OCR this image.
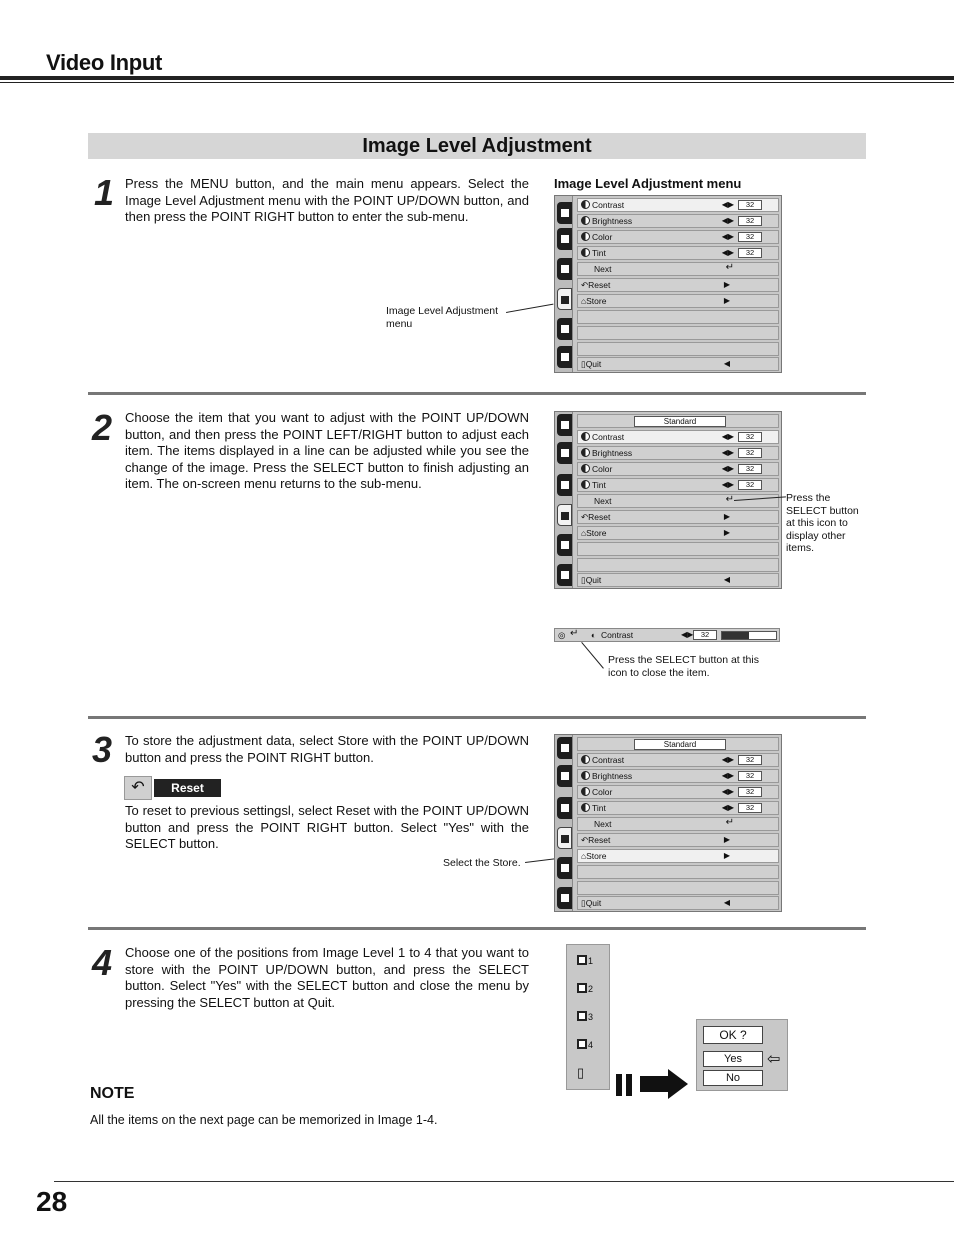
Video Input
Image Level Adjustment
1 Press the MENU button, and the main menu appears. Select the Image Level Adjustment menu with the POINT UP/DOWN button, and then press the POINT RIGHT button to enter the sub-menu.
Image Level Adjustment menu
Image Level Adjustment menu
Contrast	◀▶	32
Brightness	◀▶	32
Color	◀▶	32
Tint	◀▶	32
Next	↵
↶Reset	▶
⌂Store	▶
▯Quit	◀
2 Choose the item that you want to adjust with the POINT UP/DOWN button, and then press the POINT LEFT/RIGHT button to adjust each item. The items displayed in a line can be adjusted while you see the change of the image. Press the SELECT button to finish adjusting an item. The on-screen menu returns to the sub-menu.
Standard
Contrast	◀▶	32
Brightness	◀▶	32
Color	◀▶	32
Tint	◀▶	32
Next	↵
↶Reset	▶
⌂Store	▶
▯Quit	◀
Press the SELECT button at this icon to display other items.
◎ ↵ ◐ Contrast	◀▶	32
Press the SELECT button at this icon to close the item.
3 To store the adjustment data, select Store with the POINT UP/DOWN button and press the POINT RIGHT button.
↶	Reset
To reset to previous settingsl, select Reset with the POINT UP/DOWN button and press the POINT RIGHT button. Select "Yes" with the SELECT button.
Select the Store.
Standard
Contrast	◀▶	32
Brightness	◀▶	32
Color	◀▶	32
Tint	◀▶	32
Next	↵
↶Reset	▶
⌂Store	▶
▯Quit	◀
4 Choose one of the positions from Image Level 1 to 4 that you want to store with the POINT UP/DOWN button, and press the SELECT button. Select "Yes" with the SELECT button and close the menu by pressing the SELECT button at Quit.
1
2
3
4
▯
OK ?
Yes
No
⇦
NOTE
All the items on the next page can be memorized in Image 1-4.
28
